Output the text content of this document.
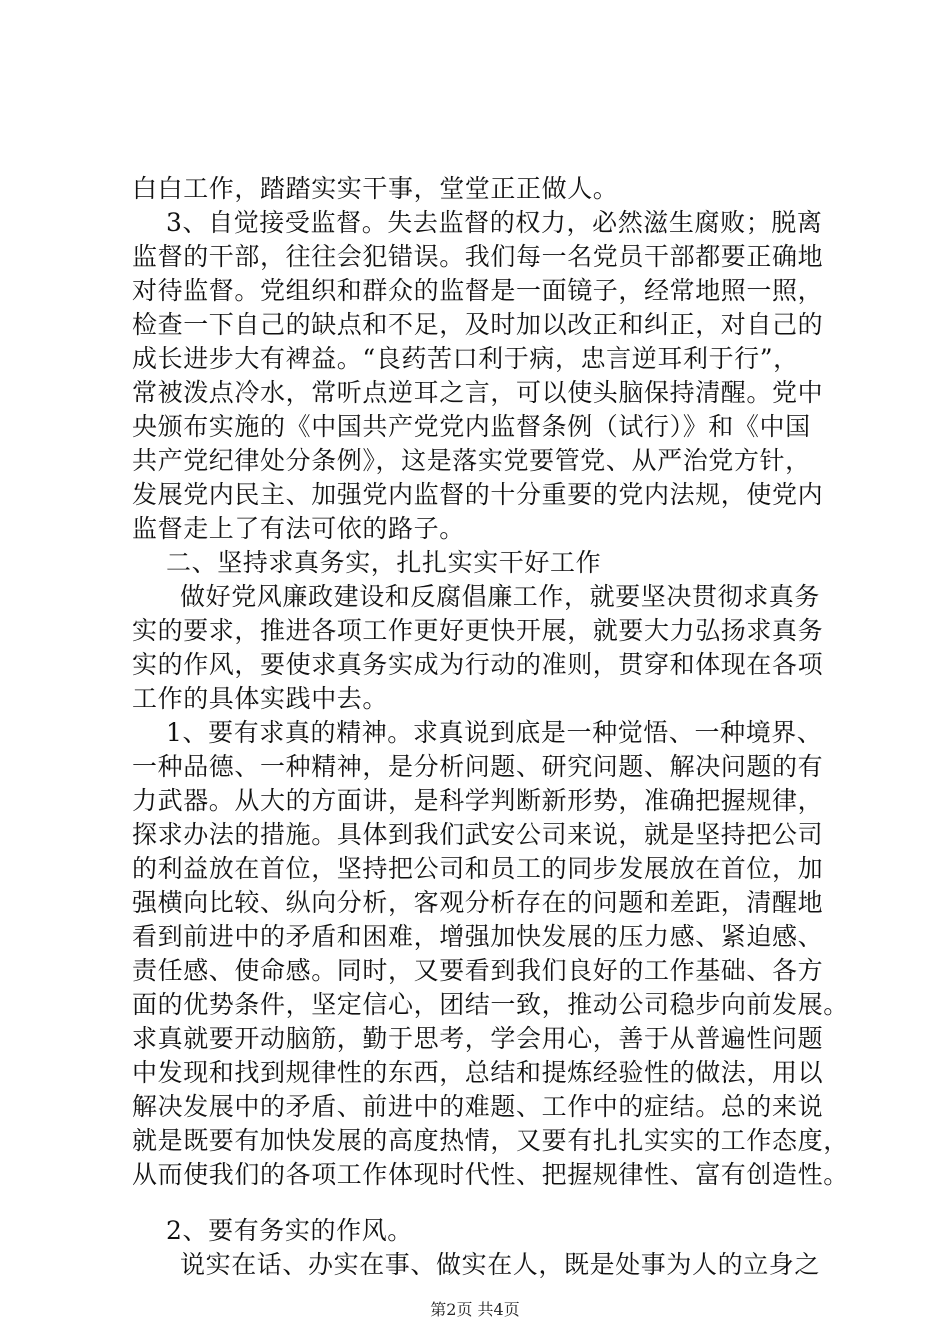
白白工作，踏踏实实干事，堂堂正正做人。
3、自觉接受监督。失去监督的权力，必然滋生腐败；脱离
监督的干部，往往会犯错误。我们每一名党员干部都要正确地
对待监督。党组织和群众的监督是一面镜子，经常地照一照，
检查一下自己的缺点和不足，及时加以改正和纠正，对自己的
成长进步大有裨益。“良药苦口利于病，忠言逆耳利于行”，
常被泼点冷水，常听点逆耳之言，可以使头脑保持清醒。党中
央颁布实施的《中国共产党党内监督条例（试行）》和《中国
共产党纪律处分条例》，这是落实党要管党、从严治党方针，
发展党内民主、加强党内监督的十分重要的党内法规，使党内
监督走上了有法可依的路子。
二、坚持求真务实，扎扎实实干好工作
做好党风廉政建设和反腐倡廉工作，就要坚决贯彻求真务
实的要求，推进各项工作更好更快开展，就要大力弘扬求真务
实的作风，要使求真务实成为行动的准则，贯穿和体现在各项
工作的具体实践中去。
1、要有求真的精神。求真说到底是一种觉悟、一种境界、
一种品德、一种精神，是分析问题、研究问题、解决问题的有
力武器。从大的方面讲，是科学判断新形势，准确把握规律，
探求办法的措施。具体到我们武安公司来说，就是坚持把公司
的利益放在首位，坚持把公司和员工的同步发展放在首位，加
强横向比较、纵向分析，客观分析存在的问题和差距，清醒地
看到前进中的矛盾和困难，增强加快发展的压力感、紧迫感、
责任感、使命感。同时，又要看到我们良好的工作基础、各方
面的优势条件，坚定信心，团结一致，推动公司稳步向前发展。
求真就要开动脑筋，勤于思考，学会用心，善于从普遍性问题
中发现和找到规律性的东西，总结和提炼经验性的做法，用以
解决发展中的矛盾、前进中的难题、工作中的症结。总的来说
就是既要有加快发展的高度热情，又要有扎扎实实的工作态度，
从而使我们的各项工作体现时代性、把握规律性、富有创造性。
2、要有务实的作风。
说实在话、办实在事、做实在人，既是处事为人的立身之
第2页 共4页
